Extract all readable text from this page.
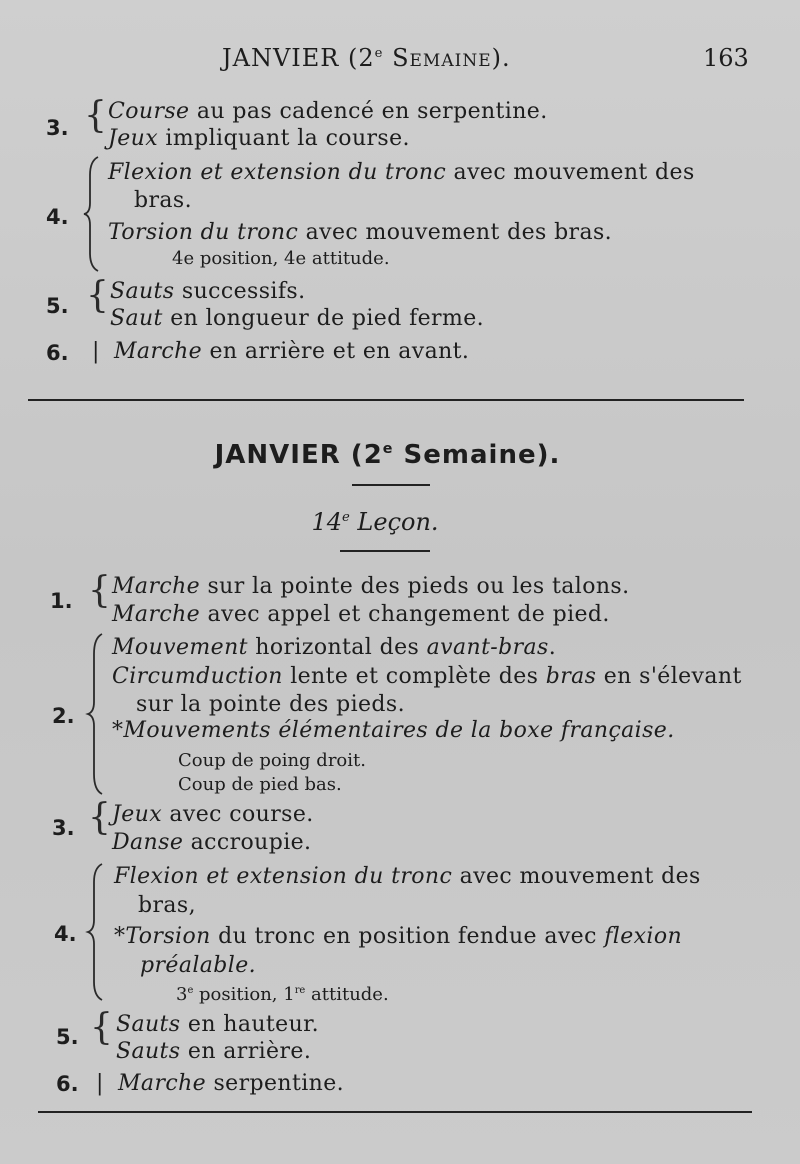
JANVIER (2e Semaine).	163
3. { Course au pas cadencé en serpentine.
Jeux impliquant la course.
4.
Flexion et extension du tronc avec mouvement des
bras.
Torsion du tronc avec mouvement des bras.
4e position, 4e attitude.
5. { Sauts successifs.
Saut en longueur de pied ferme.
6. | Marche en arrière et en avant.
JANVIER (2e Semaine).
14e Leçon.
1. { Marche sur la pointe des pieds ou les talons.
Marche avec appel et changement de pied.
2.
Mouvement horizontal des avant-bras.
Circumduction lente et complète des bras en s'élevant
sur la pointe des pieds.
*Mouvements élémentaires de la boxe française.
Coup de poing droit.
Coup de pied bas.
3. { Jeux avec course.
Danse accroupie.
4.
Flexion et extension du tronc avec mouvement des
bras,
*Torsion du tronc en position fendue avec flexion
préalable.
3e position, 1re attitude.
5. { Sauts en hauteur.
Sauts en arrière.
6. | Marche serpentine.
